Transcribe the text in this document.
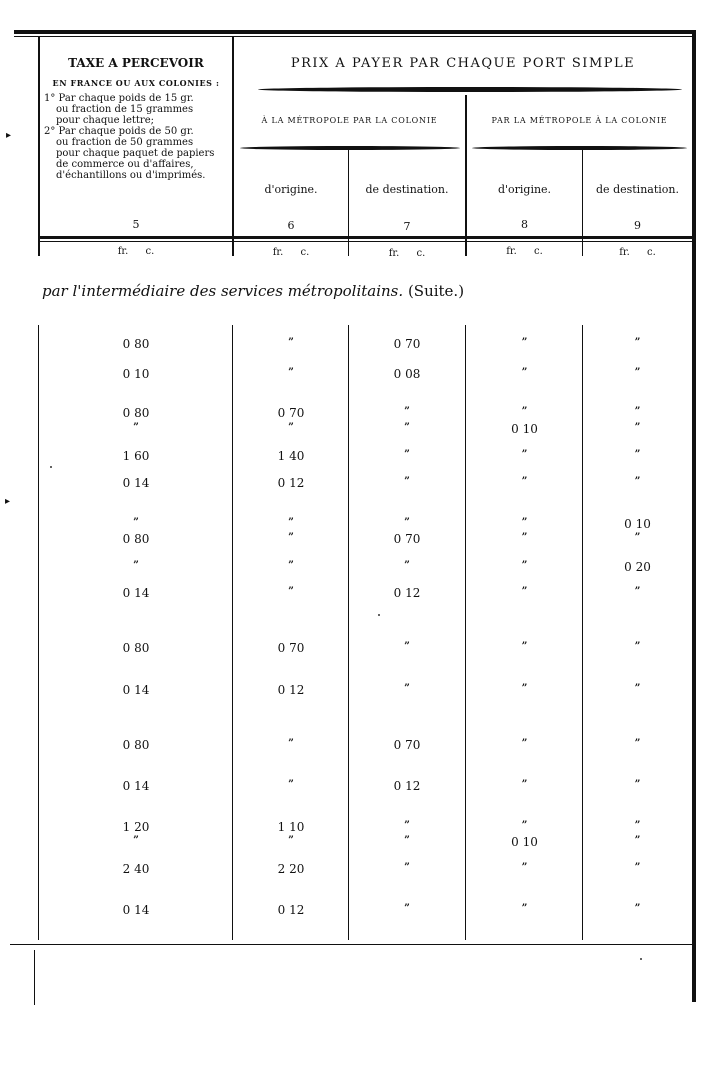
TAXE A PERCEVOIR
EN FRANCE OU AUX COLONIES :
1° Par chaque poids de 15 gr.
ou fraction de 15 grammes
pour chaque lettre;
2° Par chaque poids de 50 gr.
ou fraction de 50 grammes
pour chaque paquet de papiers
de commerce ou d'affaires,
d'échantillons ou d'imprimés.
PRIX A PAYER PAR CHAQUE PORT SIMPLE
À LA MÉTROPOLE PAR LA COLONIE	PAR LA MÉTROPOLE À LA COLONIE
d'origine.	de destination.	d'origine.	de destination.
5	6	7	8	9
fr. c.	fr. c.	fr. c.	fr. c.	fr. c.
par l'intermédiaire des services métropolitains. (Suite.)
0 80	”	0 70	”	”
0 10	”	0 08	”	”
0 80	0 70	”	”	”
”	”	”	0 10	”
1 60	1 40	”	”	”
0 14	0 12	”	”	”
”	”	”	”	0 10
0 80	”	0 70	”	”
”	”	”	”	0 20
0 14	”	0 12	”	”
0 80	0 70	”	”	”
0 14	0 12	”	”	”
0 80	”	0 70	”	”
0 14	”	0 12	”	”
1 20	1 10	”	”	”
”	”	”	0 10	”
2 40	2 20	”	”	”
0 14	0 12	”	”	”
▸
▸
